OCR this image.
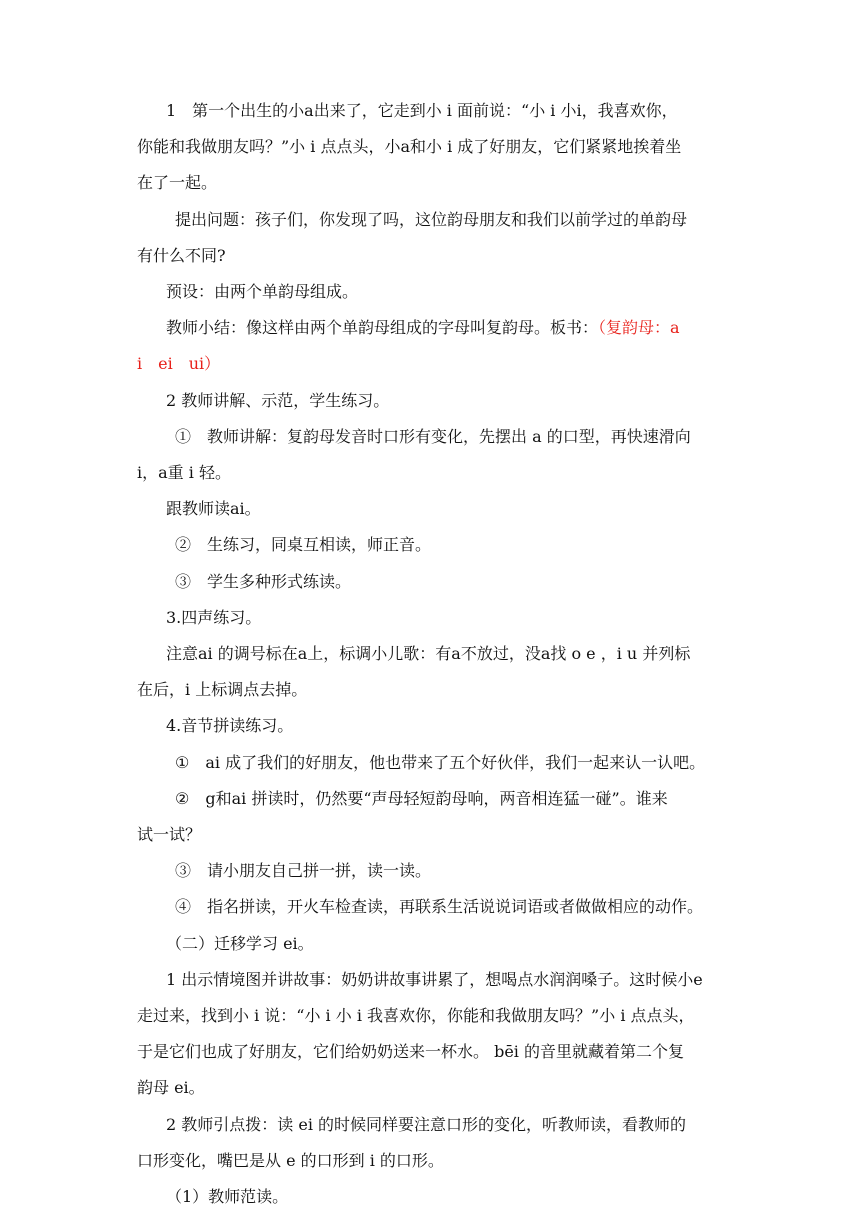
1　第一个出生的小a出来了，它走到小 i 面前说：“小 i 小i，我喜欢你，
你能和我做朋友吗？”小 i 点点头，小a和小 i 成了好朋友，它们紧紧地挨着坐
在了一起。
提出问题：孩子们，你发现了吗，这位韵母朋友和我们以前学过的单韵母
有什么不同?
预设：由两个单韵母组成。
教师小结：像这样由两个单韵母组成的字母叫复韵母。板书：（复韵母：a
i　ei　ui）
2 教师讲解、示范，学生练习。
①　教师讲解：复韵母发音时口形有变化，先摆出 a 的口型，再快速滑向
i，a重 i 轻。
跟教师读ai。
②　生练习，同桌互相读，师正音。
③　学生多种形式练读。
3.四声练习。
注意ai 的调号标在a上，标调小儿歌：有a不放过，没a找 o e ，i u 并列标
在后，i 上标调点去掉。
4.音节拼读练习。
①　ai 成了我们的好朋友，他也带来了五个好伙伴，我们一起来认一认吧。
②　g和ai 拼读时，仍然要“声母轻短韵母响，两音相连猛一碰”。谁来
试一试？
③　请小朋友自己拼一拼，读一读。
④　指名拼读，开火车检查读，再联系生活说说词语或者做做相应的动作。
（二）迁移学习 ei。
1 出示情境图并讲故事：奶奶讲故事讲累了，想喝点水润润嗓子。这时候小e
走过来，找到小 i 说：“小 i 小 i 我喜欢你，你能和我做朋友吗？”小 i 点点头，
于是它们也成了好朋友，它们给奶奶送来一杯水。 bēi 的音里就藏着第二个复
韵母 ei。
2 教师引点拨：读 ei 的时候同样要注意口形的变化，听教师读，看教师的
口形变化，嘴巴是从 e 的口形到 i 的口形。
（1）教师范读。
